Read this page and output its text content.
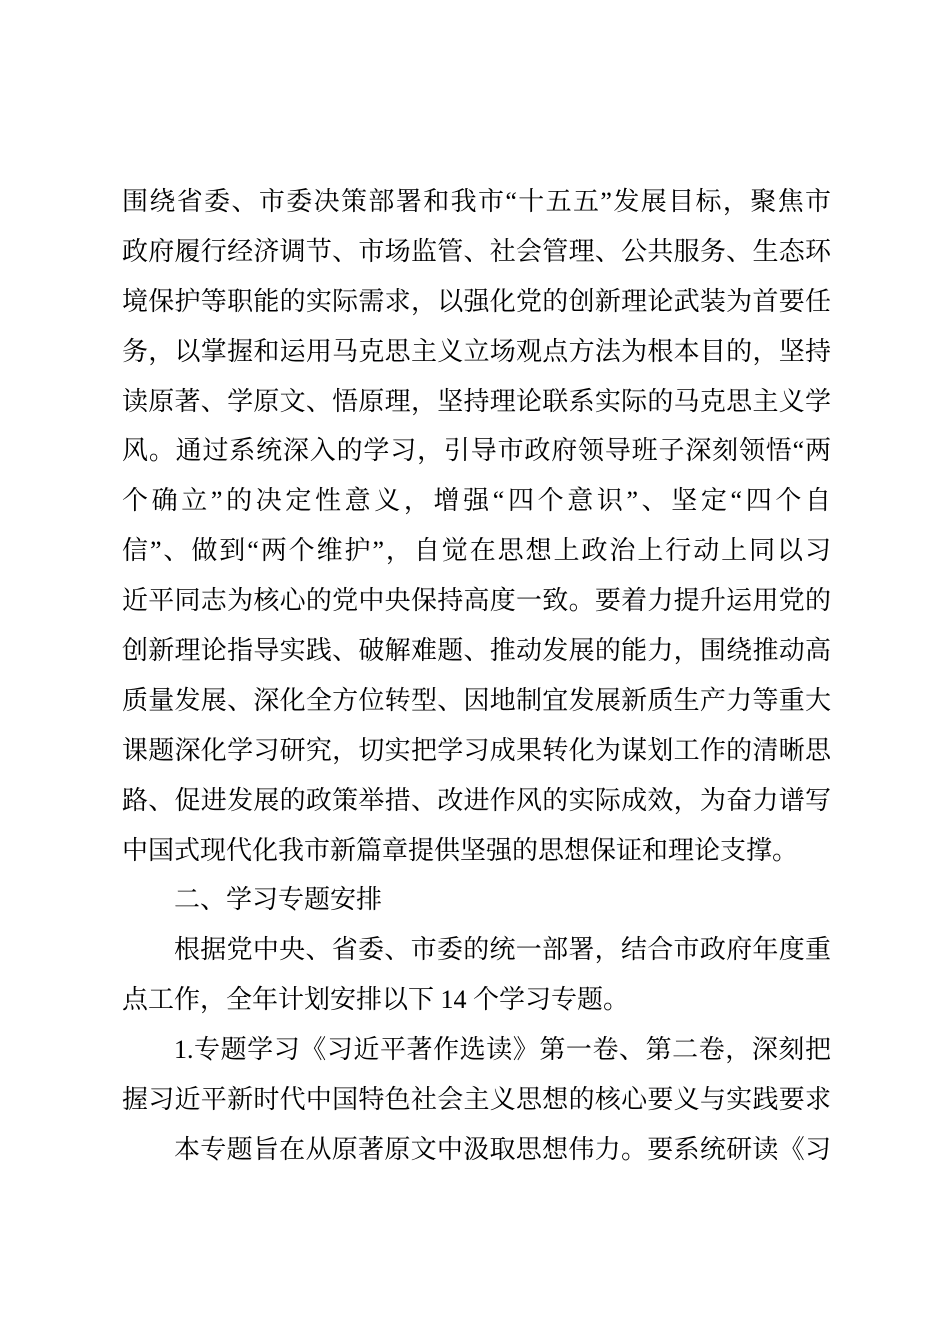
围绕省委、市委决策部署和我市“十五五”发展目标，聚焦市
政府履行经济调节、市场监管、社会管理、公共服务、生态环
境保护等职能的实际需求，以强化党的创新理论武装为首要任
务，以掌握和运用马克思主义立场观点方法为根本目的，坚持
读原著、学原文、悟原理，坚持理论联系实际的马克思主义学
风。通过系统深入的学习，引导市政府领导班子深刻领悟“两
个确立”的决定性意义，增强“四个意识”、坚定“四个自
信”、做到“两个维护”，自觉在思想上政治上行动上同以习
近平同志为核心的党中央保持高度一致。要着力提升运用党的
创新理论指导实践、破解难题、推动发展的能力，围绕推动高
质量发展、深化全方位转型、因地制宜发展新质生产力等重大
课题深化学习研究，切实把学习成果转化为谋划工作的清晰思
路、促进发展的政策举措、改进作风的实际成效，为奋力谱写
中国式现代化我市新篇章提供坚强的思想保证和理论支撑。
二、学习专题安排
根据党中央、省委、市委的统一部署，结合市政府年度重
点工作，全年计划安排以下 14 个学习专题。
1.专题学习《习近平著作选读》第一卷、第二卷，深刻把
握习近平新时代中国特色社会主义思想的核心要义与实践要求
本专题旨在从原著原文中汲取思想伟力。要系统研读《习
